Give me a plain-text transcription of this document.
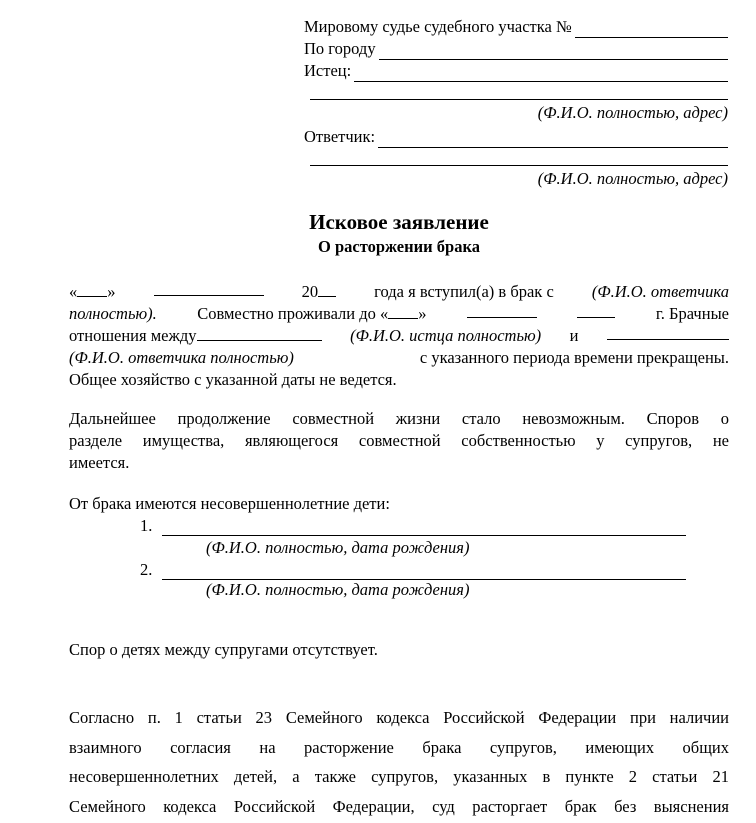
Мировому судье судебного участка №
По городу
Истец:
(Ф.И.О. полностью, адрес)
Ответчик:
(Ф.И.О. полностью, адрес)
Исковое заявление
О расторжении брака
« »	20	года я вступил(а) в брак с (Ф.И.О. ответчика
полностью). Совместно проживали до « »	г. Брачные
отношения между	(Ф.И.О. истца полностью) и
(Ф.И.О. ответчика полностью)	с указанного периода времени прекращены.
Общее хозяйство с указанной даты не ведется.
Дальнейшее продолжение совместной жизни стало невозможным. Споров о
разделе имущества, являющегося совместной собственностью у супругов, не
имеется.
От брака имеются несовершеннолетние дети:
1.
(Ф.И.О. полностью, дата рождения)
2.
(Ф.И.О. полностью, дата рождения)
Спор о детях между супругами отсутствует.
Согласно п. 1 статьи 23 Семейного кодекса Российской Федерации при наличии
взаимного согласия на расторжение брака супругов, имеющих общих
несовершеннолетних детей, а также супругов, указанных в пункте 2 статьи 21
Семейного кодекса Российской Федерации, суд расторгает брак без выяснения
